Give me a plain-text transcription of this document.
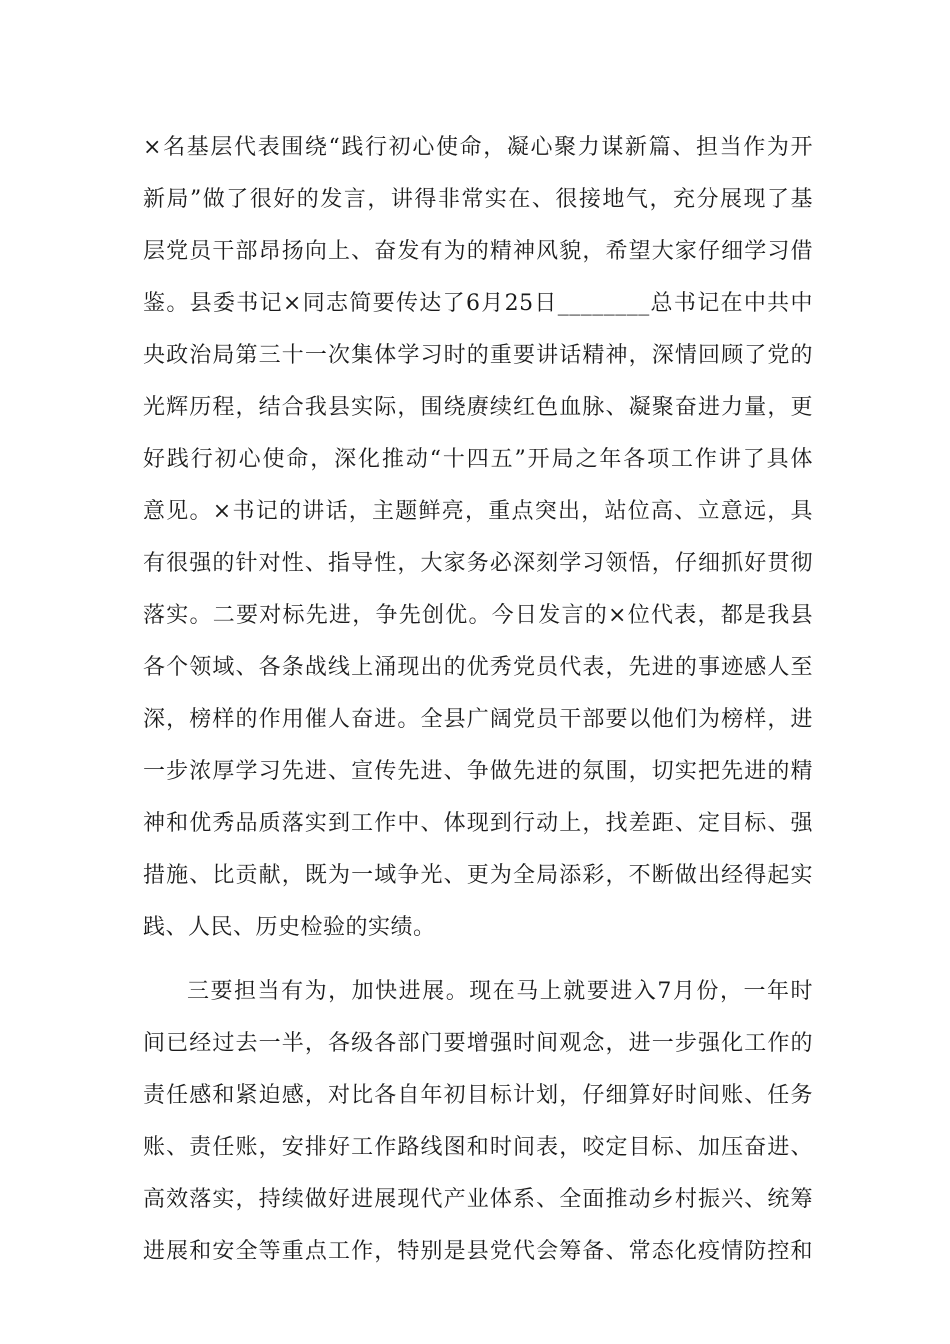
×名基层代表围绕“践行初心使命，凝心聚力谋新篇、担当作为开
新局”做了很好的发言，讲得非常实在、很接地气，充分展现了基
层党员干部昂扬向上、奋发有为的精神风貌，希望大家仔细学习借
鉴。县委书记×同志简要传达了6月25日________总书记在中共中
央政治局第三十一次集体学习时的重要讲话精神，深情回顾了党的
光辉历程，结合我县实际，围绕赓续红色血脉、凝聚奋进力量，更
好践行初心使命，深化推动“十四五”开局之年各项工作讲了具体
意见。×书记的讲话，主题鲜亮，重点突出，站位高、立意远，具
有很强的针对性、指导性，大家务必深刻学习领悟，仔细抓好贯彻
落实。二要对标先进，争先创优。今日发言的×位代表，都是我县
各个领域、各条战线上涌现出的优秀党员代表，先进的事迹感人至
深，榜样的作用催人奋进。全县广阔党员干部要以他们为榜样，进
一步浓厚学习先进、宣传先进、争做先进的氛围，切实把先进的精
神和优秀品质落实到工作中、体现到行动上，找差距、定目标、强
措施、比贡献，既为一域争光、更为全局添彩，不断做出经得起实
践、人民、历史检验的实绩。
三要担当有为，加快进展。现在马上就要进入7月份，一年时
间已经过去一半，各级各部门要增强时间观念，进一步强化工作的
责任感和紧迫感，对比各自年初目标计划，仔细算好时间账、任务
账、责任账，安排好工作路线图和时间表，咬定目标、加压奋进、
高效落实，持续做好进展现代产业体系、全面推动乡村振兴、统筹
进展和安全等重点工作，特别是县党代会筹备、常态化疫情防控和
